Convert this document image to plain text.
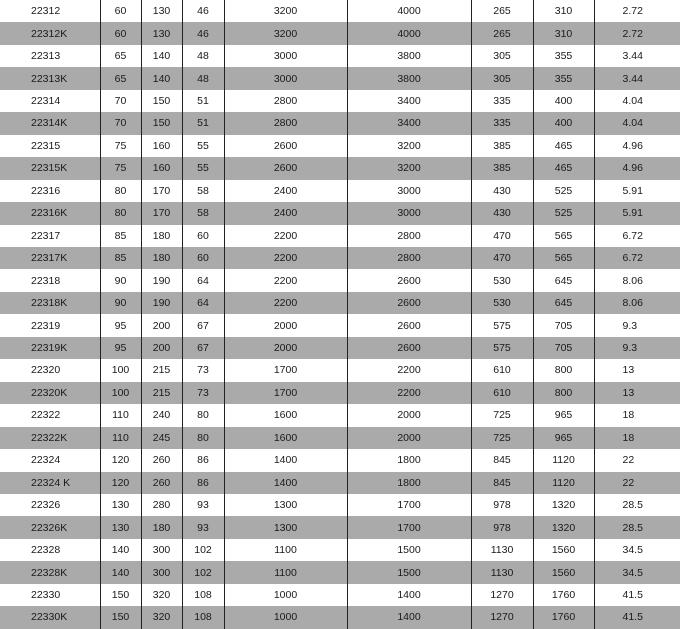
22312	60	130	46	3200	4000	265	310	2.72
22312K	60	130	46	3200	4000	265	310	2.72
22313	65	140	48	3000	3800	305	355	3.44
22313K	65	140	48	3000	3800	305	355	3.44
22314	70	150	51	2800	3400	335	400	4.04
22314K	70	150	51	2800	3400	335	400	4.04
22315	75	160	55	2600	3200	385	465	4.96
22315K	75	160	55	2600	3200	385	465	4.96
22316	80	170	58	2400	3000	430	525	5.91
22316K	80	170	58	2400	3000	430	525	5.91
22317	85	180	60	2200	2800	470	565	6.72
22317K	85	180	60	2200	2800	470	565	6.72
22318	90	190	64	2200	2600	530	645	8.06
22318K	90	190	64	2200	2600	530	645	8.06
22319	95	200	67	2000	2600	575	705	9.3
22319K	95	200	67	2000	2600	575	705	9.3
22320	100	215	73	1700	2200	610	800	13
22320K	100	215	73	1700	2200	610	800	13
22322	110	240	80	1600	2000	725	965	18
22322K	110	245	80	1600	2000	725	965	18
22324	120	260	86	1400	1800	845	1120	22
22324 K	120	260	86	1400	1800	845	1120	22
22326	130	280	93	1300	1700	978	1320	28.5
22326K	130	180	93	1300	1700	978	1320	28.5
22328	140	300	102	1100	1500	1130	1560	34.5
22328K	140	300	102	1100	1500	1130	1560	34.5
22330	150	320	108	1000	1400	1270	1760	41.5
22330K	150	320	108	1000	1400	1270	1760	41.5
